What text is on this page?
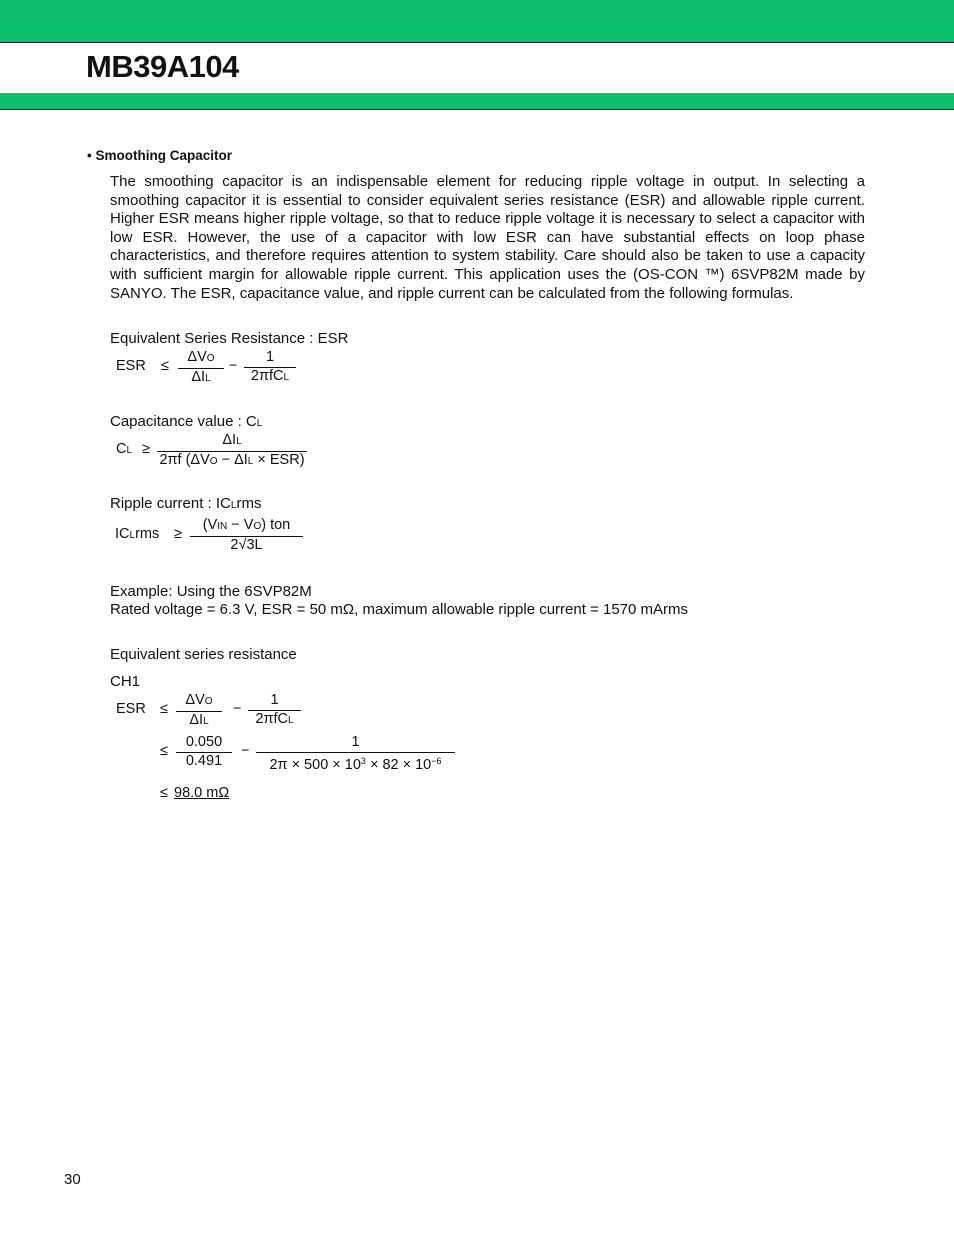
MB39A104
• Smoothing Capacitor
The smoothing capacitor is an indispensable element for reducing ripple voltage in output. In selecting a smoothing capacitor it is essential to consider equivalent series resistance (ESR) and allowable ripple current. Higher ESR means higher ripple voltage, so that to reduce ripple voltage it is necessary to select a capacitor with low ESR. However, the use of a capacitor with low ESR can have substantial effects on loop phase characteristics, and therefore requires attention to system stability. Care should also be taken to use a capacity with sufficient margin for allowable ripple current. This application uses the (OS-CON ™) 6SVP82M made by SANYO. The ESR, capacitance value, and ripple current can be calculated from the following formulas.
Equivalent Series Resistance : ESR
ESR ≤
ΔVO
ΔIL
−
1
2πfCL
Capacitance value : CL
CL ≥
ΔIL
2πf (ΔVO − ΔIL × ESR)
Ripple current : ICLrms
ICLrms ≥
(VIN − VO) ton
2√3L
Example: Using the 6SVP82M
Rated voltage = 6.3 V, ESR = 50 mΩ, maximum allowable ripple current = 1570 mArms
Equivalent series resistance
CH1
ESR ≤
ΔVO
ΔIL
−
1
2πfCL
≤
0.050
0.491
−
1
$2\pi \times 500 \times 10^3 \times 82 \times 10^{-6}$
≤ 98.0 mΩ
30
